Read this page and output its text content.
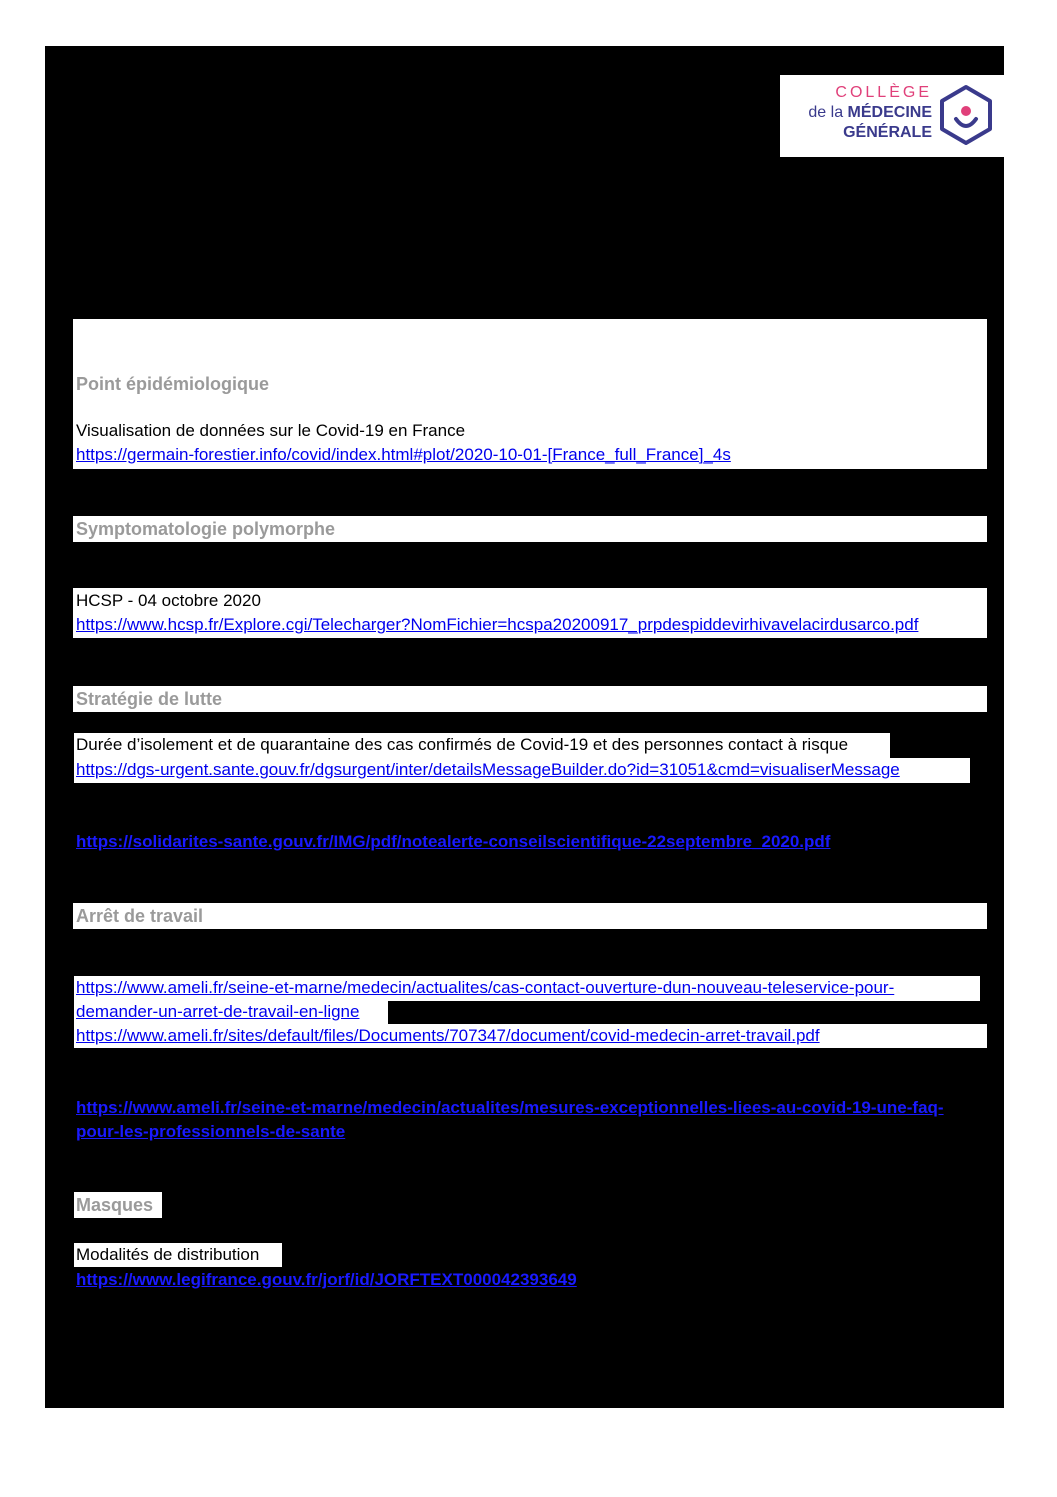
COLLÈGE
de la MÉDECINE
GÉNÉRALE
Point épidémiologique
Visualisation de données sur le Covid-19 en France
https://germain-forestier.info/covid/index.html#plot/2020-10-01-[France_full_France]_4s
Symptomatologie polymorphe
HCSP - 04 octobre 2020
https://www.hcsp.fr/Explore.cgi/Telecharger?NomFichier=hcspa20200917_prpdespiddevirhivavelacirdusarco.pdf
Stratégie de lutte
Durée d’isolement et de quarantaine des cas confirmés de Covid-19 et des personnes contact à risque
https://dgs-urgent.sante.gouv.fr/dgsurgent/inter/detailsMessageBuilder.do?id=31051&cmd=visualiserMessage
https://solidarites-sante.gouv.fr/IMG/pdf/notealerte-conseilscientifique-22septembre_2020.pdf
Arrêt de travail
https://www.ameli.fr/seine-et-marne/medecin/actualites/cas-contact-ouverture-dun-nouveau-teleservice-pour-
demander-un-arret-de-travail-en-ligne
https://www.ameli.fr/sites/default/files/Documents/707347/document/covid-medecin-arret-travail.pdf
https://www.ameli.fr/seine-et-marne/medecin/actualites/mesures-exceptionnelles-liees-au-covid-19-une-faq-
pour-les-professionnels-de-sante
Masques
Modalités de distribution
https://www.legifrance.gouv.fr/jorf/id/JORFTEXT000042393649
